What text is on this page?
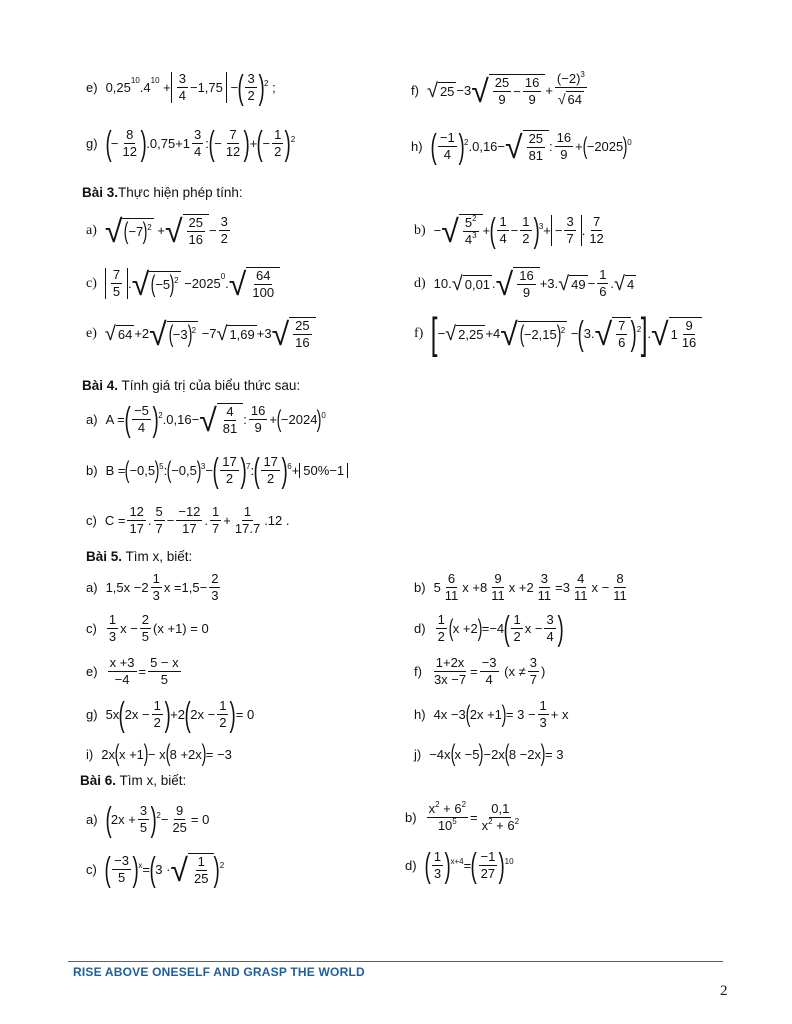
e) $0,25^{10}.4^{10} + \frac{3}{4} -1,75$ − ( $\frac{3}{2} )^2$ ;	f) √ 25 −3 √ $\frac{25}{9} - \frac{16}{9} + \frac{(-2)^3}{√ 64}$
g) ( − $\frac{8}{12}$ ) $.0,75+1 \frac{3}{4}$ : ( − $\frac{7}{12}$ ) + ( − $\frac{1}{2} )^2$	h) ( $\frac{-1}{4} )^2$ .0,16− √ $\frac{25}{81}$ : $\frac{16}{9}$ + ( −2025 )$^0$
Bài 3.Thực hiện phép tính:
a) √ ( −7 )$^2$ + √ $\frac{25}{16} - \frac{3}{2}$	b) − √ $\frac{5^2}{4^3}$ + ( $\frac{1}{4} - \frac{1}{2} )^3$ + − $\frac{3}{7}$ . $\frac{7}{12}$
$c) \frac{7}{5}$ . √ ( −5 )$^2 -2025^0$. √ $\frac{64}{100}$	d) 10. √ 0,01 . √ $\frac{16}{9} +3$. √ $49 - \frac{1}{6}$ . √ 4
e) √ 64 +2 √ ( −3 )$^2$ −7 √ 1,69 +3 √ $\frac{25}{16}$	f) [ − √ 2,25 +4 √ ( −2,15 )$^2$ − ( 3. √ $\frac{7}{6} )^2$ ] . √ $1 \frac{9}{16}$
Bài 4. Tính giá trị của biểu thức sau:
a) A = ( $\frac{-5}{4} )^2$ .0,16− √ $\frac{4}{81}$ : $\frac{16}{9}$ + ( −2024 )$^0$
b) B = ( −0,5 )$^5$ : ( −0,5 )$^3$ − ( $\frac{17}{2} )^7$ : ( $\frac{17}{2} )^6 + 50\%-1$
c) $C = \frac{12}{17}$ . $\frac{5}{7} - \frac{-12}{17}$ . $\frac{1}{7} + \frac{1}{17.7} .12$ .
Bài 5. Tìm x, biết:
a) $1,5x -2 \frac{1}{3}$ $x =1,5- \frac{2}{3}$	b) $5 \frac{6}{11}$ $x +8 \frac{9}{11}$ $x +2 \frac{3}{11} =3 \frac{4}{11}$ $x - \frac{8}{11}$
$c) \frac{1}{3}$ $x - \frac{2}{5} (x +1) = 0$	$d) \frac{1}{2}$ ( x +2 ) =−4 ( $\frac{1}{2}$ $x - \frac{3}{4}$ )
$e) \frac{x +3}{-4} = \frac{5 - x}{5}$	$f) \frac{1+2x}{3x -7} = \frac{-3}{4} (x \ne \frac{3}{7}$ )
g) 5x ( $2x - \frac{1}{2}$ ) +2 ( $2x - \frac{1}{2}$ ) = 0	h) 4x −3 ( 2x +1 ) = $3 - \frac{1}{3} + x$
i) 2x ( x +1 ) − x ( 8 +2x ) = −3	j) −4x ( x −5 ) −2x ( 8 −2x ) = 3
Bài 6. Tìm x, biết:
a) ( $2x + \frac{3}{5} )^2 - \frac{9}{25} = 0$	$b) \frac{x^2 + 6^2}{10^5} = \frac{0,1}{x^2 + 6^2}$
c) ( $\frac{-3}{5} )^x$ = ( 3 · √ $\frac{1}{25} )^2$	d) ( $\frac{1}{3} )^{x+4}$ = ( $\frac{-1}{27} )^{10}$
RISE ABOVE ONESELF AND GRASP THE WORLD
2
